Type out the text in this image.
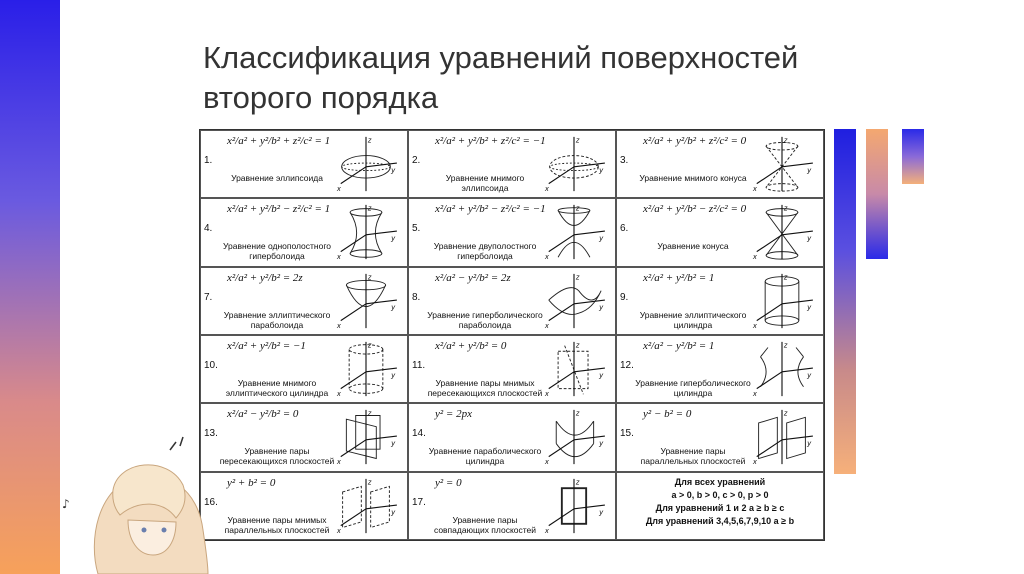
Классификация уравнений поверхностей второго порядка
1.
x²/a² + y²/b² + z²/c² = 1
Уравнение эллипсоида
z
y
x
2.
x²/a² + y²/b² + z²/c² = −1
Уравнение мнимого эллипсоида
z
y
x
3.
x²/a² + y²/b² + z²/c² = 0
Уравнение мнимого конуса
z
y
x
4.
x²/a² + y²/b² − z²/c² = 1
Уравнение однополостного гиперболоида
z
y
x
5.
x²/a² + y²/b² − z²/c² = −1
Уравнение двуполостного гиперболоида
z
y
x
6.
x²/a² + y²/b² − z²/c² = 0
Уравнение конуса
z
y
x
7.
x²/a² + y²/b² = 2z
Уравнение эллиптического параболоида
z
y
x
8.
x²/a² − y²/b² = 2z
Уравнение гиперболического параболоида
z
y
x
9.
x²/a² + y²/b² = 1
Уравнение эллиптического цилиндра
z
y
x
10.
x²/a² + y²/b² = −1
Уравнение мнимого эллиптического цилиндра
z
y
x
11.
x²/a² + y²/b² = 0
Уравнение пары мнимых пересекающихся плоскостей
z
y
x
12.
x²/a² − y²/b² = 1
Уравнение гиперболического цилиндра
z
y
x
13.
x²/a² − y²/b² = 0
Уравнение пары пересекающихся плоскостей
z
y
x
14.
y² = 2px
Уравнение параболического цилиндра
z
y
x
15.
y² − b² = 0
Уравнение пары параллельных плоскостей
z
y
x
16.
y² + b² = 0
Уравнение пары мнимых параллельных плоскостей
z
y
x
17.
y² = 0
Уравнение пары совпадающих плоскостей
z
y
x
Для всех уравнений
a > 0, b > 0, c > 0, p > 0
Для уравнений 1 и 2 a ≥ b ≥ c
Для уравнений 3,4,5,6,7,9,10 a ≥ b
♪
